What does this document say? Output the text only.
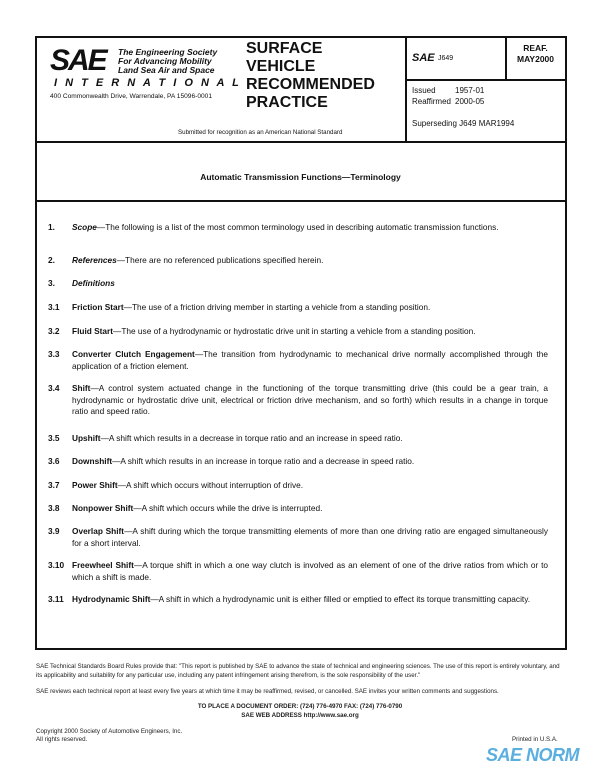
SAE The Engineering Society
For Advancing Mobility
Land Sea Air and Space
I N T E R N A T I O N A L
400 Commonwealth Drive, Warrendale, PA 15096-0001
SURFACE
VEHICLE
RECOMMENDED
PRACTICE
Submitted for recognition as an American National Standard
SAE J649
REAF.
MAY2000
Issued 1957-01
Reaffirmed 2000-05
Superseding J649 MAR1994
Automatic Transmission Functions—Terminology
1. Scope—The following is a list of the most common terminology used in describing automatic transmission functions.
2. References—There are no referenced publications specified herein.
3. Definitions
3.1 Friction Start—The use of a friction driving member in starting a vehicle from a standing position.
3.2 Fluid Start—The use of a hydrodynamic or hydrostatic drive unit in starting a vehicle from a standing position.
3.3 Converter Clutch Engagement—The transition from hydrodynamic to mechanical drive normally accomplished through the application of a friction element.
3.4 Shift—A control system actuated change in the functioning of the torque transmitting drive (this could be a gear train, a hydrodynamic or hydrostatic drive unit, electrical or friction drive mechanism, and so forth) which results in a change in torque ratio and speed ratio.
3.5 Upshift—A shift which results in a decrease in torque ratio and an increase in speed ratio.
3.6 Downshift—A shift which results in an increase in torque ratio and a decrease in speed ratio.
3.7 Power Shift—A shift which occurs without interruption of drive.
3.8 Nonpower Shift—A shift which occurs while the drive is interrupted.
3.9 Overlap Shift—A shift during which the torque transmitting elements of more than one driving ratio are engaged simultaneously for a short interval.
3.10 Freewheel Shift—A torque shift in which a one way clutch is involved as an element of one of the drive ratios from which or to which a shift is made.
3.11 Hydrodynamic Shift—A shift in which a hydrodynamic unit is either filled or emptied to effect its torque transmitting capacity.
SAE Technical Standards Board Rules provide that: "This report is published by SAE to advance the state of technical and engineering sciences. The use of this report is entirely voluntary, and its applicability and suitability for any particular use, including any patent infringement arising therefrom, is the sole responsibility of the user."
SAE reviews each technical report at least every five years at which time it may be reaffirmed, revised, or cancelled. SAE invites your written comments and suggestions.
TO PLACE A DOCUMENT ORDER: (724) 776-4970 FAX: (724) 776-0790
SAE WEB ADDRESS http://www.sae.org
Copyright 2000 Society of Automotive Engineers, Inc.
All rights reserved.	Printed in U.S.A.
SAE NORM
